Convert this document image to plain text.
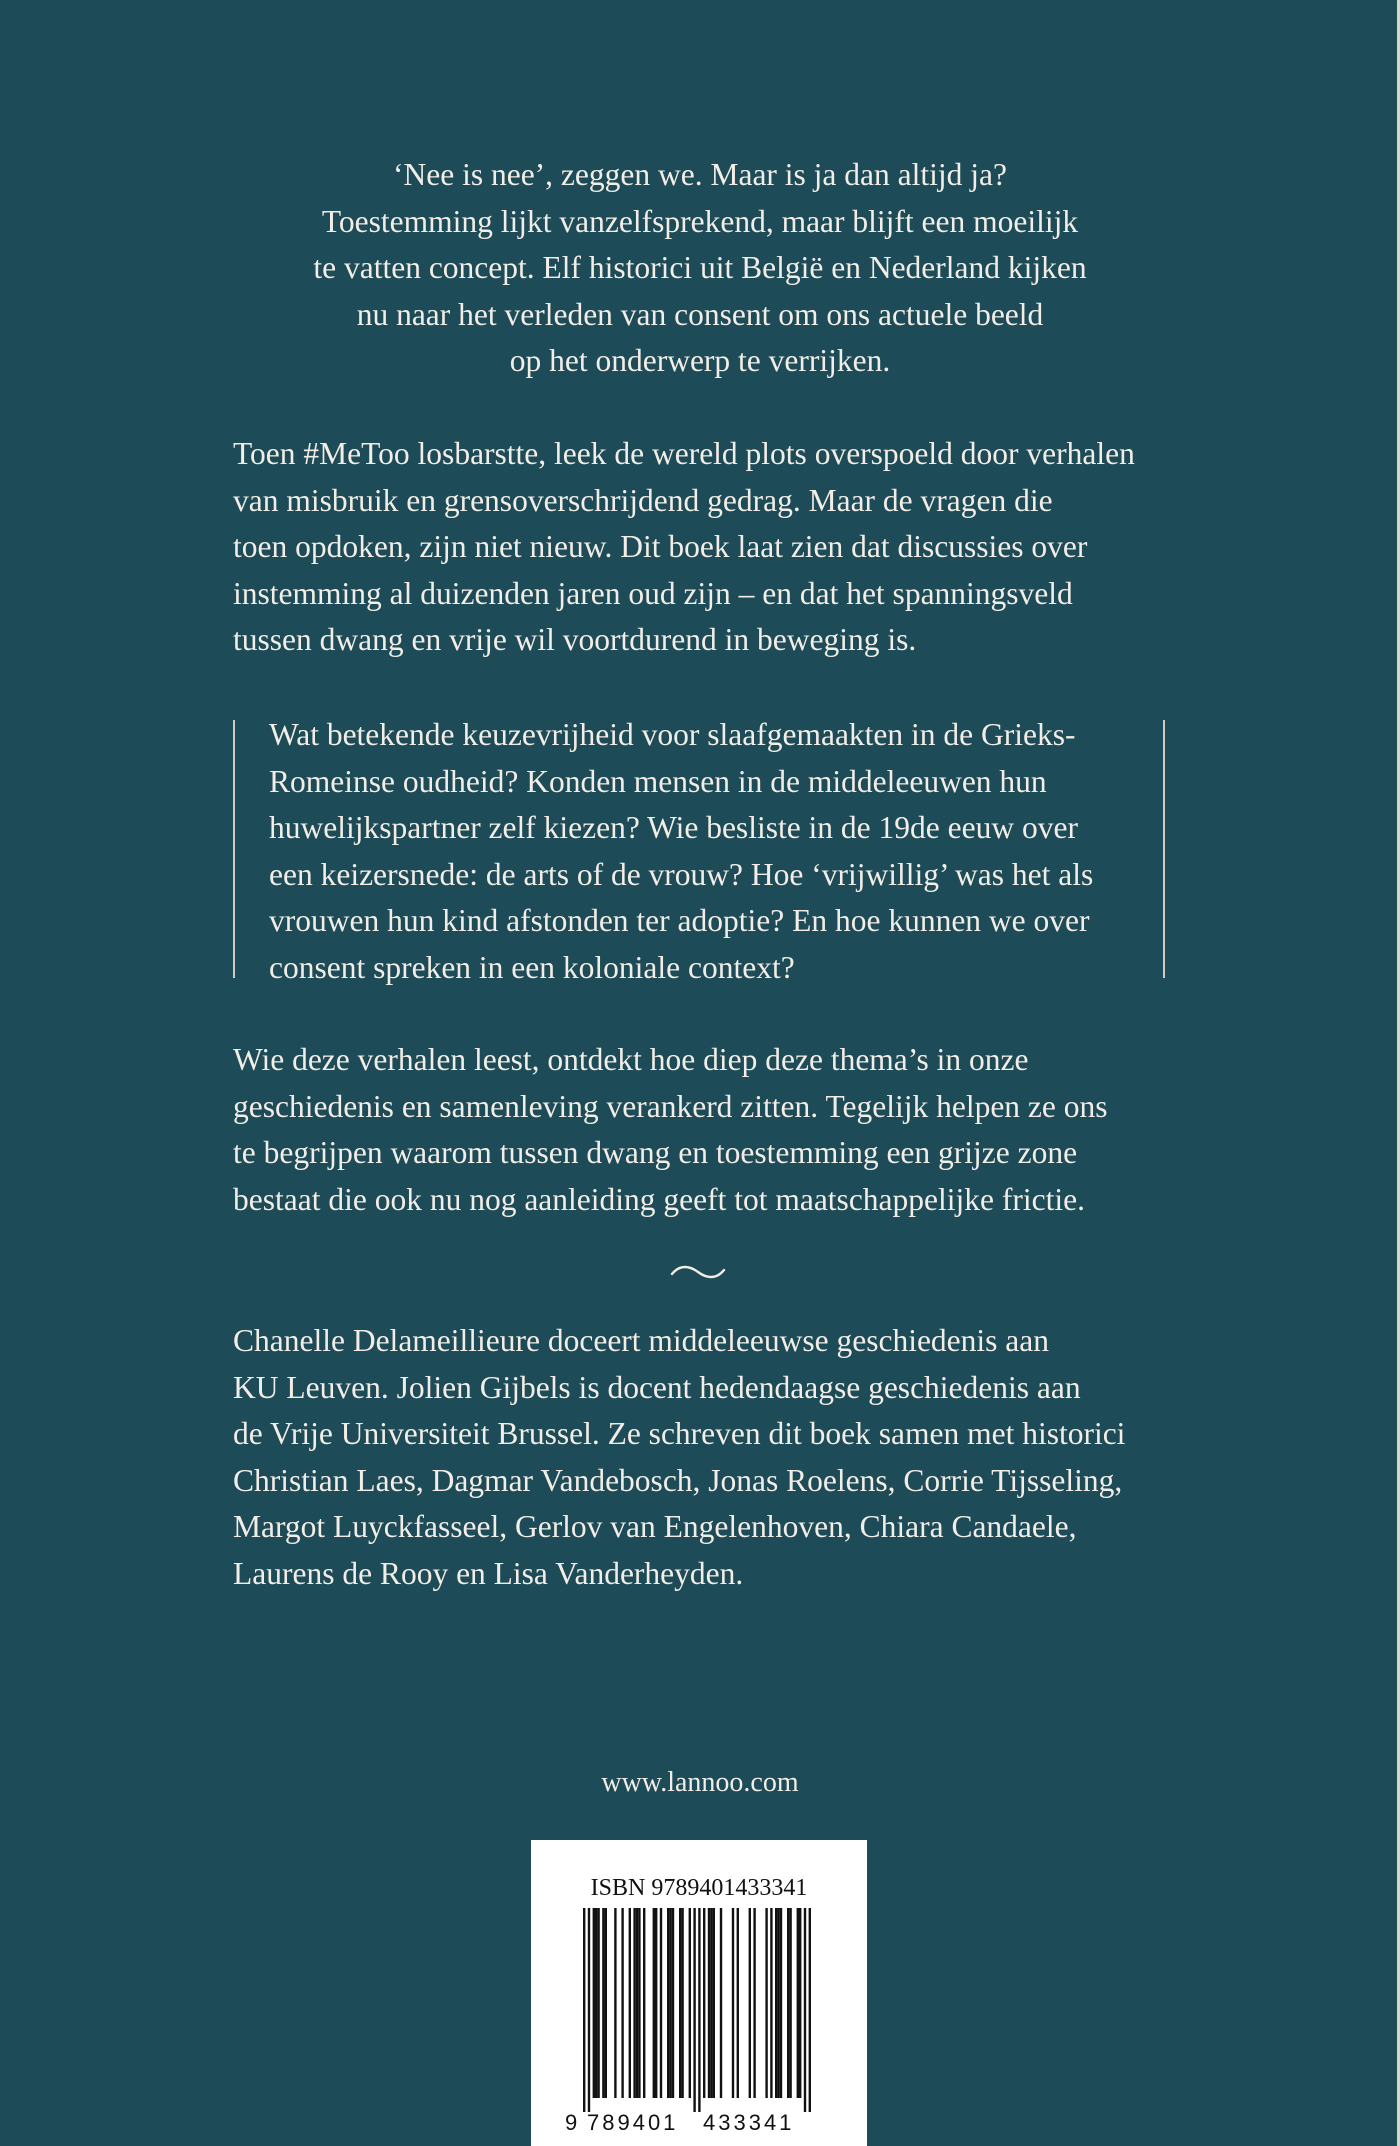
‘Nee is nee’, zeggen we. Maar is ja dan altijd ja?
Toestemming lijkt vanzelfsprekend, maar blijft een moeilijk
te vatten concept. Elf historici uit België en Nederland kijken
nu naar het verleden van consent om ons actuele beeld
op het onderwerp te verrijken.

Toen #MeToo losbarstte, leek de wereld plots overspoeld door verhalen
van misbruik en grensoverschrijdend gedrag. Maar de vragen die
toen opdoken, zijn niet nieuw. Dit boek laat zien dat discussies over
instemming al duizenden jaren oud zijn – en dat het spanningsveld
tussen dwang en vrije wil voortdurend in beweging is.

Wat betekende keuzevrijheid voor slaafgemaakten in de Grieks-
Romeinse oudheid? Konden mensen in de middeleeuwen hun
huwelijkspartner zelf kiezen? Wie besliste in de 19de eeuw over
een keizersnede: de arts of de vrouw? Hoe ‘vrijwillig’ was het als
vrouwen hun kind afstonden ter adoptie? En hoe kunnen we over
consent spreken in een koloniale context?

Wie deze verhalen leest, ontdekt hoe diep deze thema’s in onze
geschiedenis en samenleving verankerd zitten. Tegelijk helpen ze ons
te begrijpen waarom tussen dwang en toestemming een grijze zone
bestaat die ook nu nog aanleiding geeft tot maatschappelijke frictie.

Chanelle Delameillieure doceert middeleeuwse geschiedenis aan
KU Leuven. Jolien Gijbels is docent hedendaagse geschiedenis aan
de Vrije Universiteit Brussel. Ze schreven dit boek samen met historici
Christian Laes, Dagmar Vandebosch, Jonas Roelens, Corrie Tijsseling,
Margot Luyckfasseel, Gerlov van Engelenhoven, Chiara Candaele,
Laurens de Rooy en Lisa Vanderheyden.

www.lannoo.com
ISBN 9789401433341
9 789401 433341
